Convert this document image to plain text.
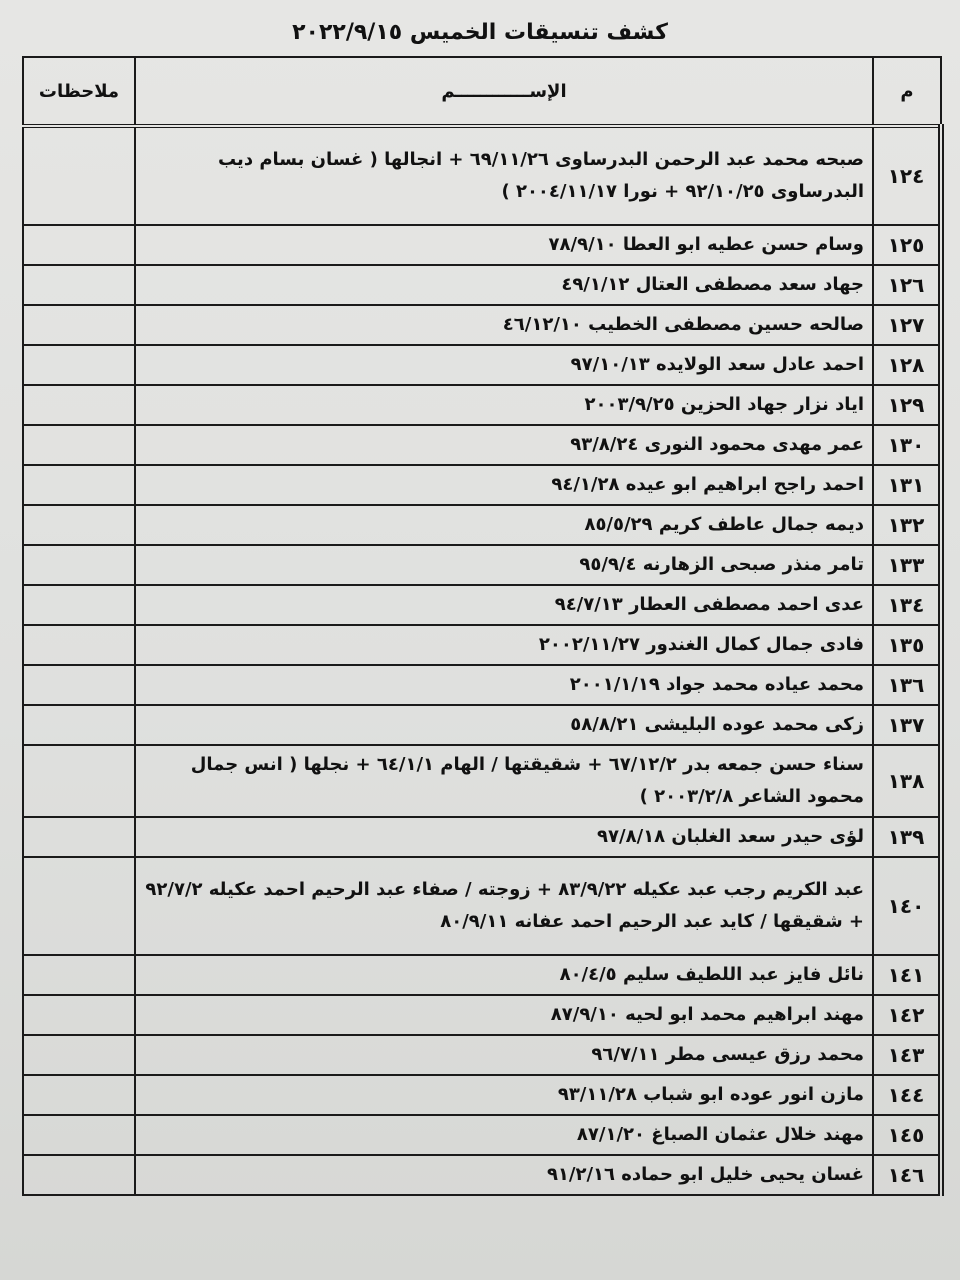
كشف تنسيقات الخميس ٢٠٢٢/٩/١٥
م	الإســــــــــــم	ملاحظات
١٢٤	صبحه محمد عبد الرحمن البدرساوى ٦٩/١١/٢٦ + انجالها ( غسان بسام ديب البدرساوى ٩٢/١٠/٢٥ + نورا ٢٠٠٤/١١/١٧ )	
١٢٥	وسام حسن عطيه ابو العطا ٧٨/٩/١٠	
١٢٦	جهاد سعد مصطفى العتال ٤٩/١/١٢	
١٢٧	صالحه حسين مصطفى الخطيب ٤٦/١٢/١٠	
١٢٨	احمد عادل سعد الولايده ٩٧/١٠/١٣	
١٢٩	اياد نزار جهاد الحزين ٢٠٠٣/٩/٢٥	
١٣٠	عمر مهدى محمود النورى ٩٣/٨/٢٤	
١٣١	احمد راجح ابراهيم ابو عيده ٩٤/١/٢٨	
١٣٢	ديمه جمال عاطف كريم ٨٥/٥/٢٩	
١٣٣	تامر منذر صبحى الزهارنه ٩٥/٩/٤	
١٣٤	عدى احمد مصطفى العطار ٩٤/٧/١٣	
١٣٥	فادى جمال كمال الغندور ٢٠٠٢/١١/٢٧	
١٣٦	محمد عياده محمد جواد ٢٠٠١/١/١٩	
١٣٧	زكى محمد عوده البليشى ٥٨/٨/٢١	
١٣٨	سناء حسن جمعه بدر ٦٧/١٢/٢ + شقيقتها / الهام ٦٤/١/١ + نجلها ( انس جمال محمود الشاعر ٢٠٠٣/٢/٨ )	
١٣٩	لؤى حيدر سعد الغلبان ٩٧/٨/١٨	
١٤٠	عبد الكريم رجب عبد عكيله ٨٣/٩/٢٢ + زوجته / صفاء عبد الرحيم احمد عكيله ٩٢/٧/٢ + شقيقها / كايد عبد الرحيم احمد عفانه ٨٠/٩/١١	
١٤١	نائل فايز عبد اللطيف سليم ٨٠/٤/٥	
١٤٢	مهند ابراهيم محمد ابو لحيه ٨٧/٩/١٠	
١٤٣	محمد رزق عيسى مطر ٩٦/٧/١١	
١٤٤	مازن انور عوده ابو شباب ٩٣/١١/٢٨	
١٤٥	مهند خلال عثمان الصباغ ٨٧/١/٢٠	
١٤٦	غسان يحيى خليل ابو حماده ٩١/٢/١٦	
